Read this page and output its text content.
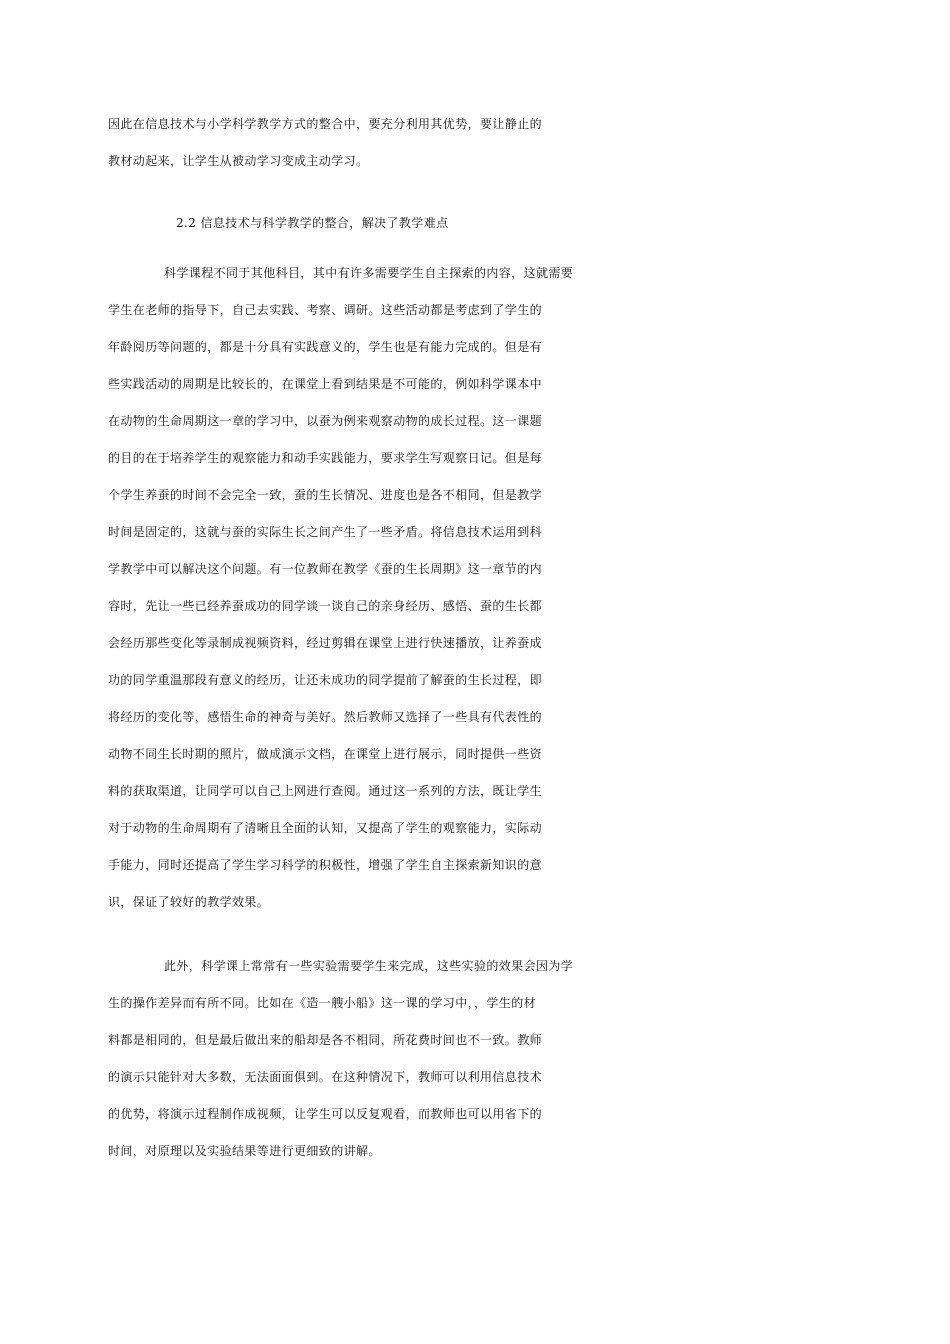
因此在信息技术与小学科学教学方式的整合中，要充分利用其优势，要让静止的
教材动起来，让学生从被动学习变成主动学习。
2.2 信息技术与科学教学的整合，解决了教学难点
科学课程不同于其他科目，其中有许多需要学生自主探索的内容，这就需要
学生在老师的指导下，自己去实践、考察、调研。这些活动都是考虑到了学生的
年龄阅历等问题的，都是十分具有实践意义的，学生也是有能力完成的。但是有
些实践活动的周期是比较长的，在课堂上看到结果是不可能的，例如科学课本中
在动物的生命周期这一章的学习中，以蚕为例来观察动物的成长过程。这一课题
的目的在于培养学生的观察能力和动手实践能力，要求学生写观察日记。但是每
个学生养蚕的时间不会完全一致，蚕的生长情况、进度也是各不相同，但是教学
时间是固定的，这就与蚕的实际生长之间产生了一些矛盾。将信息技术运用到科
学教学中可以解决这个问题。有一位教师在教学《蚕的生长周期》这一章节的内
容时，先让一些已经养蚕成功的同学谈一谈自己的亲身经历、感悟、蚕的生长都
会经历那些变化等录制成视频资料，经过剪辑在课堂上进行快速播放，让养蚕成
功的同学重温那段有意义的经历，让还未成功的同学提前了解蚕的生长过程，即
将经历的变化等，感悟生命的神奇与美好。然后教师又选择了一些具有代表性的
动物不同生长时期的照片，做成演示文档，在课堂上进行展示，同时提供一些资
料的获取渠道，让同学可以自己上网进行查阅。通过这一系列的方法，既让学生
对于动物的生命周期有了清晰且全面的认知，又提高了学生的观察能力，实际动
手能力，同时还提高了学生学习科学的积极性，增强了学生自主探索新知识的意
识，保证了较好的教学效果。
此外，科学课上常常有一些实验需要学生来完成，这些实验的效果会因为学
生的操作差异而有所不同。比如在《造一艘小船》这一课的学习中，，学生的材
料都是相同的，但是最后做出来的船却是各不相同，所花费时间也不一致。教师
的演示只能针对大多数，无法面面俱到。在这种情况下，教师可以利用信息技术
的优势，将演示过程制作成视频，让学生可以反复观看，而教师也可以用省下的
时间，对原理以及实验结果等进行更细致的讲解。
